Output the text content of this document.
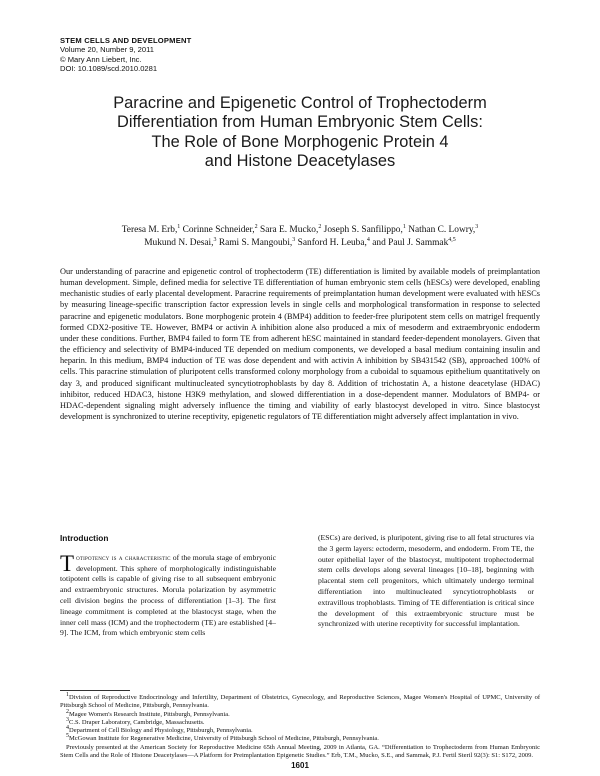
STEM CELLS AND DEVELOPMENT
Volume 20, Number 9, 2011
© Mary Ann Liebert, Inc.
DOI: 10.1089/scd.2010.0281
Paracrine and Epigenetic Control of Trophectoderm
Differentiation from Human Embryonic Stem Cells:
The Role of Bone Morphogenic Protein 4
and Histone Deacetylases
Teresa M. Erb,$^1$ Corinne Schneider,$^2$ Sara E. Mucko,$^2$ Joseph S. Sanfilippo,$^1$ Nathan C. Lowry,$^3$
Mukund N. Desai,$^3$ Rami S. Mangoubi,$^3$ Sanford H. Leuba,$^4$ and Paul J. Sammak$^{4,5}$
Our understanding of paracrine and epigenetic control of trophectoderm (TE) differentiation is limited by available models of preimplantation human development. Simple, defined media for selective TE differentiation of human embryonic stem cells (hESCs) were developed, enabling mechanistic studies of early placental development. Paracrine requirements of preimplantation human development were evaluated with hESCs by measuring lineage-specific transcription factor expression levels in single cells and morphological transformation in response to selected paracrine and epigenetic modulators. Bone morphogenic protein 4 (BMP4) addition to feeder-free pluripotent stem cells on matrigel frequently formed CDX2-positive TE. However, BMP4 or activin A inhibition alone also produced a mix of mesoderm and extraembryonic endoderm under these conditions. Further, BMP4 failed to form TE from adherent hESC maintained in standard feeder-dependent monolayers. Given that the efficiency and selectivity of BMP4-induced TE depended on medium components, we developed a basal medium containing insulin and heparin. In this medium, BMP4 induction of TE was dose dependent and with activin A inhibition by SB431542 (SB), approached 100% of cells. This paracrine stimulation of pluripotent cells transformed colony morphology from a cuboidal to squamous epithelium quantitatively on day 3, and produced significant multinucleated syncytiotrophoblasts by day 8. Addition of trichostatin A, a histone deacetylase (HDAC) inhibitor, reduced HDAC3, histone H3K9 methylation, and slowed differentiation in a dose-dependent manner. Modulators of BMP4- or HDAC-dependent signaling might adversely influence the timing and viability of early blastocyst developed in vitro. Since blastocyst development is synchronized to uterine receptivity, epigenetic regulators of TE differentiation might adversely affect implantation in vivo.
Introduction
Totipotency is a characteristic of the morula stage of embryonic development. This sphere of morphologically indistinguishable totipotent cells is capable of giving rise to all subsequent embryonic and extraembryonic structures. Morula polarization by asymmetric cell division begins the process of differentiation [1–3]. The first lineage commitment is completed at the blastocyst stage, when the inner cell mass (ICM) and the trophectoderm (TE) are established [4–9]. The ICM, from which embryonic stem cells
(ESCs) are derived, is pluripotent, giving rise to all fetal structures via the 3 germ layers: ectoderm, mesoderm, and endoderm. From TE, the outer epithelial layer of the blastocyst, multipotent trophectodermal stem cells develops along several lineages [10–18], beginning with placental stem cell progenitors, which ultimately undergo terminal differentiation into multinucleated syncytiotrophoblasts or extravillous trophoblasts. Timing of TE differentiation is critical since the development of this extraembryonic structure must be synchronized with uterine receptivity for successful implantation.

$^1$Division of Reproductive Endocrinology and Infertility, Department of Obstetrics, Gynecology, and Reproductive Sciences, Magee Women's Hospital of UPMC, University of Pittsburgh School of Medicine, Pittsburgh, Pennsylvania.

$^2$Magee Women's Research Institute, Pittsburgh, Pennsylvania.

$^3$C.S. Draper Laboratory, Cambridge, Massachusetts.

$^4$Department of Cell Biology and Physiology, Pittsburgh, Pennsylvania.

$^5$McGowan Institute for Regenerative Medicine, University of Pittsburgh School of Medicine, Pittsburgh, Pennsylvania.

Previously presented at the American Society for Reproductive Medicine 65th Annual Meeting, 2009 in Atlanta, GA. “Differentiation to Trophectoderm from Human Embryonic Stem Cells and the Role of Histone Deacetylases—A Platform for Preimplantation Epigenetic Studies.” Erb, T.M., Mucko, S.E., and Sammak, P.J. Fertil Steril 92(3): S1: S172, 2009.

1601
